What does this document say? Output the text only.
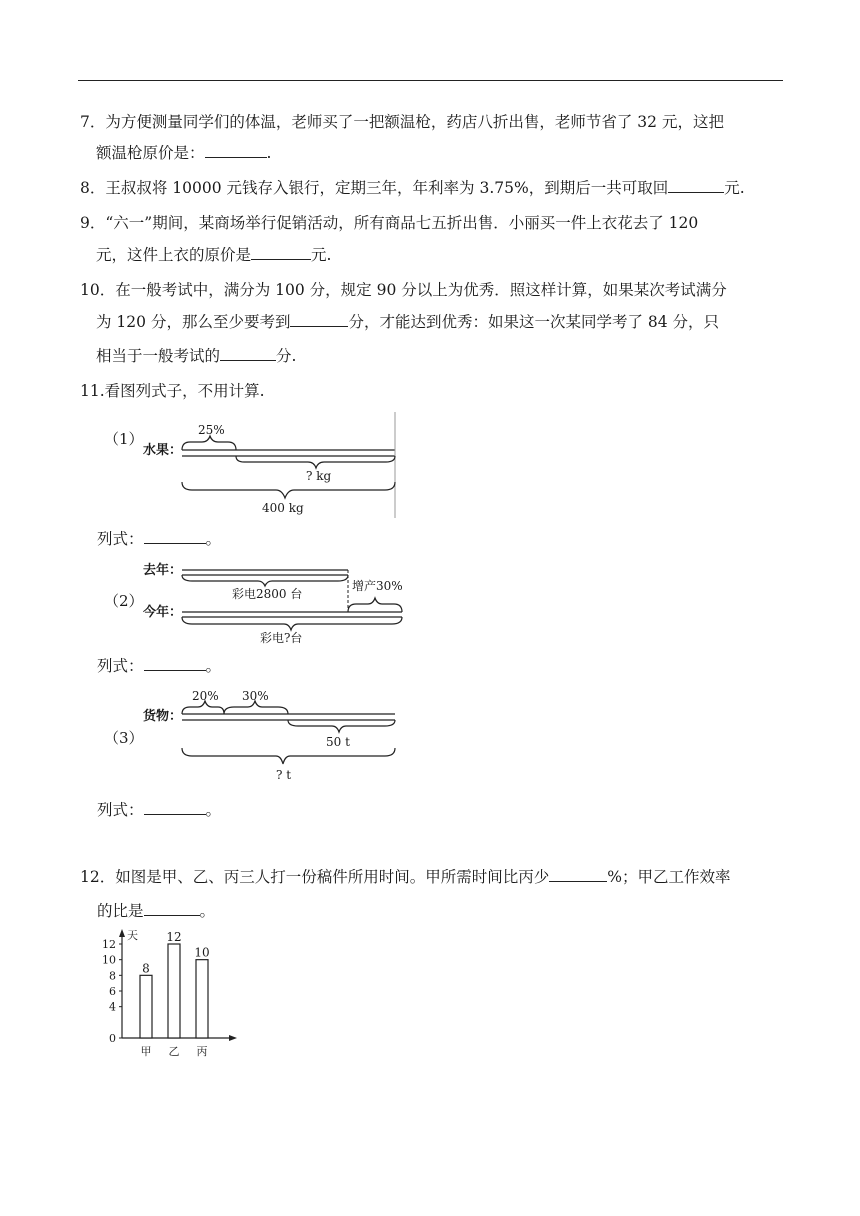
7．为方便测量同学们的体温，老师买了一把额温枪，药店八折出售，老师节省了 32 元，这把
额温枪原价是：	.
8．王叔叔将 10000 元钱存入银行，定期三年，年利率为 3.75%，到期后一共可取回	元.
9．“六一”期间，某商场举行促销活动，所有商品七五折出售．小丽买一件上衣花去了 120
元，这件上衣的原价是	元.
10．在一般考试中，满分为 100 分，规定 90 分以上为优秀．照这样计算，如果某次考试满分
为 120 分，那么至少要考到	分，才能达到优秀：如果这一次某同学考了 84 分，只
相当于一般考试的	分.
11.看图列式子，不用计算.
（1）
水果：
25%
? kg
400 kg
列式：	。
（2）
去年：
彩电2800 台
增产30%
今年：
彩电?台
列式：	。
（3）
货物：
20% 30%
50 t
? t
列式：	。
12．如图是甲、乙、丙三人打一份稿件所用时间。甲所需时间比丙少	%；甲乙工作效率
的比是	。
天
0
4
6
8
10
12
8
甲
12
乙
10
丙
